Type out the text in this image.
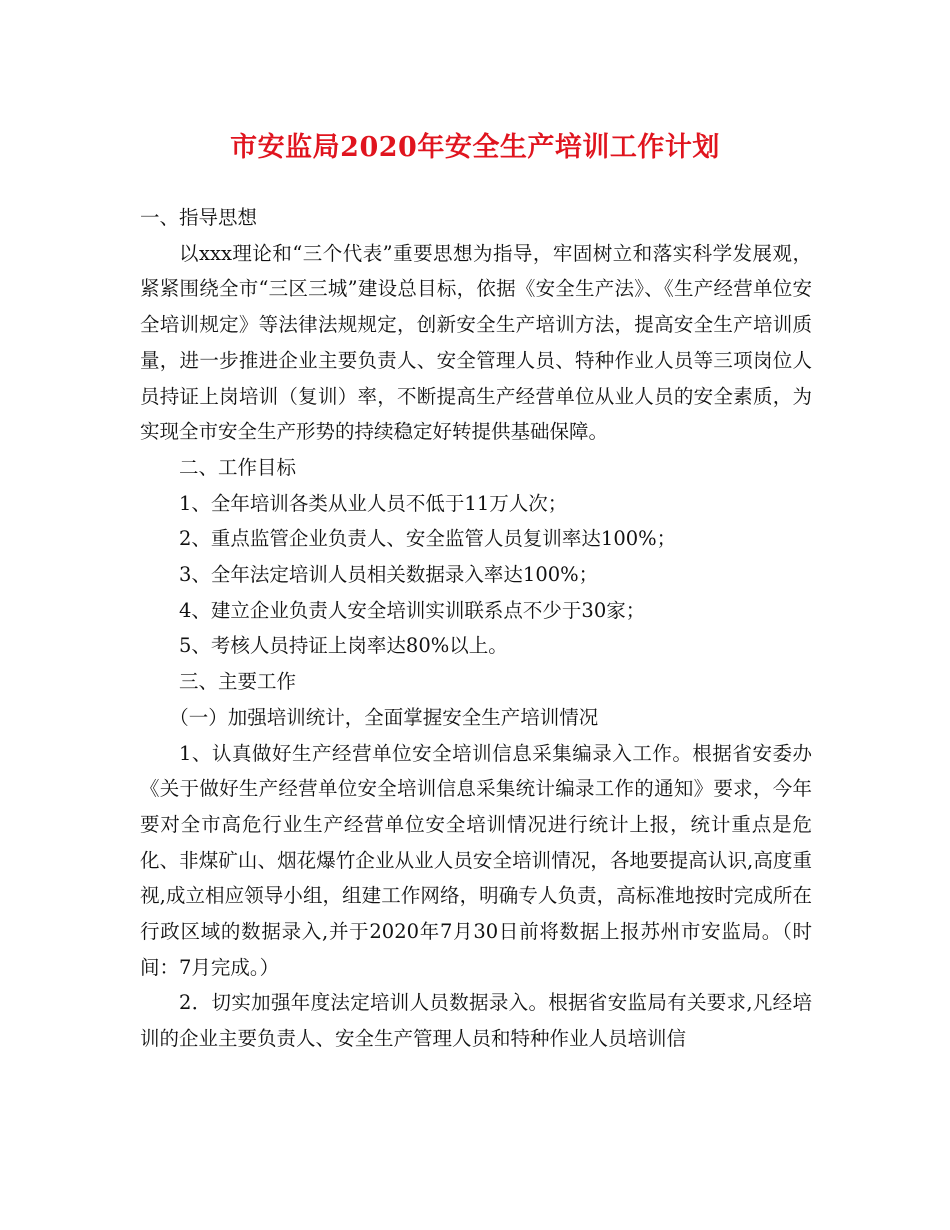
市安监局2020年安全生产培训工作计划

一、指导思想

以xxx理论和“三个代表”重要思想为指导，牢固树立和落实科学发展观，紧紧围绕全市“三区三城”建设总目标，依据《安全生产法》、《生产经营单位安全培训规定》等法律法规规定，创新安全生产培训方法，提高安全生产培训质量，进一步推进企业主要负责人、安全管理人员、特种作业人员等三项岗位人员持证上岗培训（复训）率，不断提高生产经营单位从业人员的安全素质，为实现全市安全生产形势的持续稳定好转提供基础保障。

二、工作目标

1、全年培训各类从业人员不低于11万人次；

2、重点监管企业负责人、安全监管人员复训率达100%；

3、全年法定培训人员相关数据录入率达100%；

4、建立企业负责人安全培训实训联系点不少于30家；

5、考核人员持证上岗率达80%以上。

三、主要工作

（一）加强培训统计，全面掌握安全生产培训情况

1、认真做好生产经营单位安全培训信息采集编录入工作。根据省安委办《关于做好生产经营单位安全培训信息采集统计编录工作的通知》要求，今年要对全市高危行业生产经营单位安全培训情况进行统计上报，统计重点是危化、非煤矿山、烟花爆竹企业从业人员安全培训情况，各地要提高认识,高度重视,成立相应领导小组，组建工作网络，明确专人负责，高标准地按时完成所在行政区域的数据录入,并于2020年7月30日前将数据上报苏州市安监局。（时间：7月完成。）

2．切实加强年度法定培训人员数据录入。根据省安监局有关要求,凡经培训的企业主要负责人、安全生产管理人员和特种作业人员培训信
